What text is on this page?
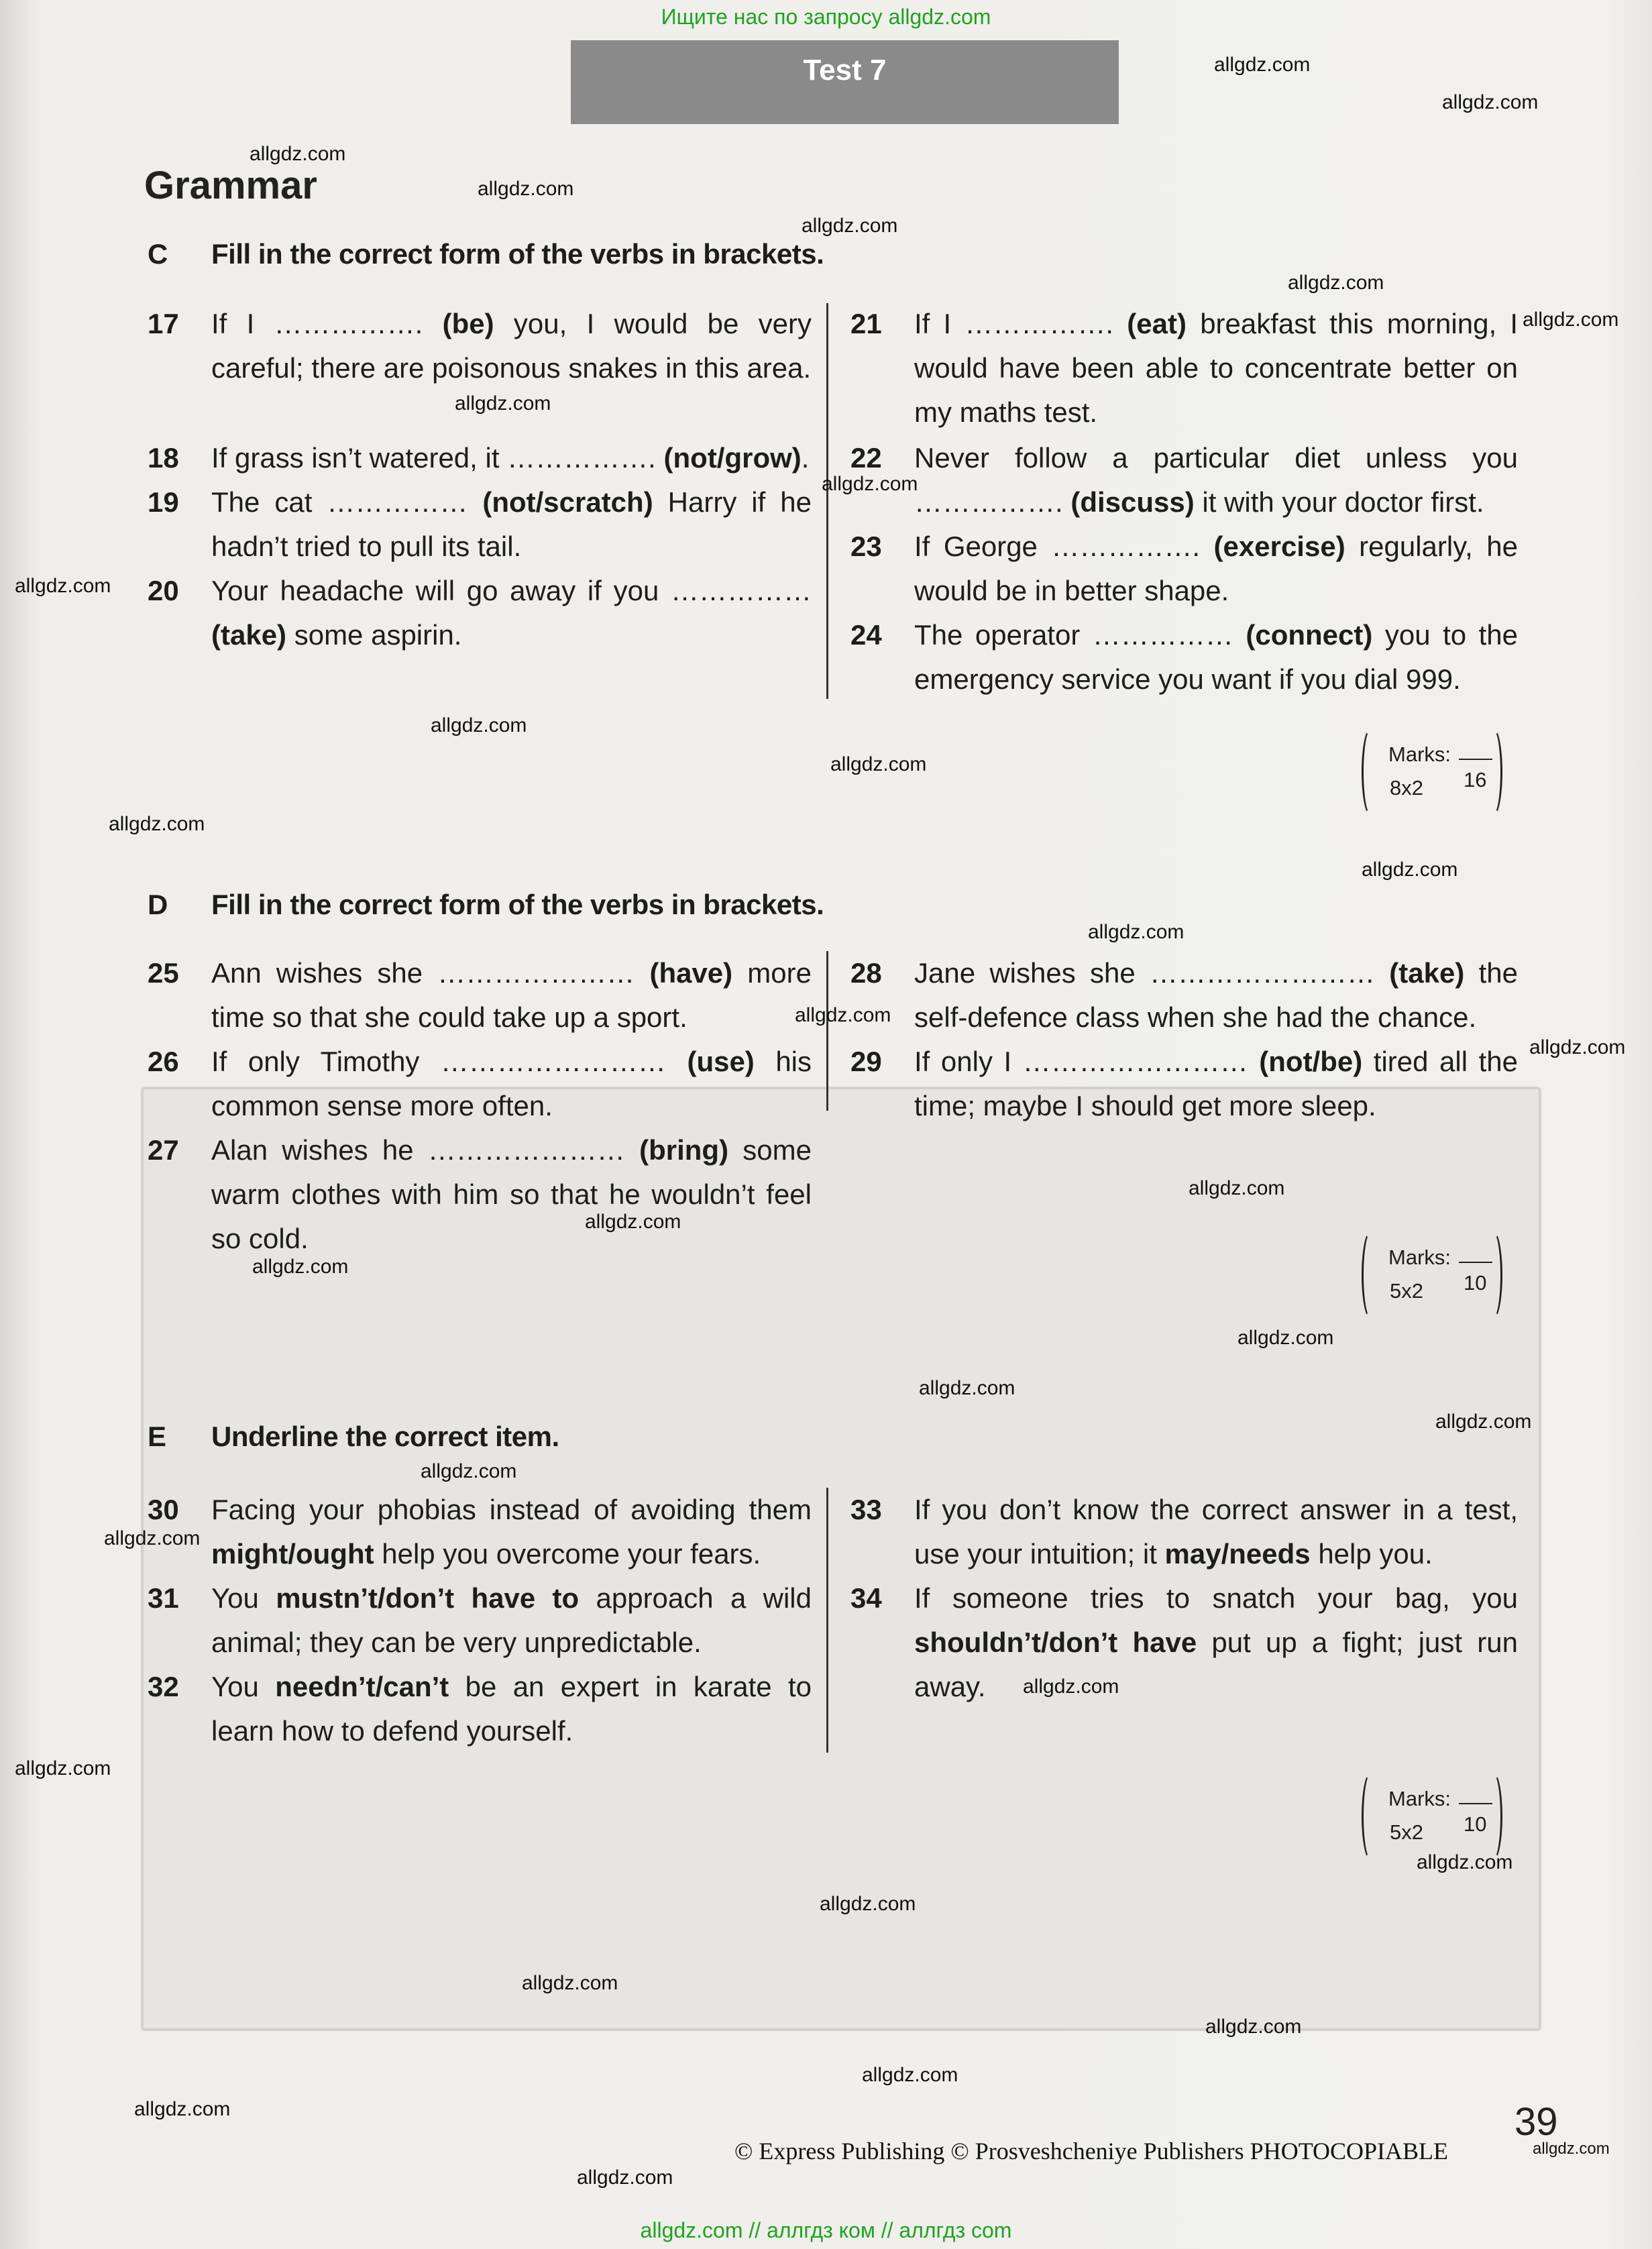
Ищите нас по запросу allgdz.com
Test 7
Grammar
C Fill in the correct form of the verbs in brackets.
17	If I ……………. (be) you, I would be very careful; there are poisonous snakes in this area.
18	If grass isn’t watered, it ……………. (not/grow).
19	The cat …………… (not/scratch) Harry if he hadn’t tried to pull its tail.
20	Your headache will go away if you …………… (take) some aspirin.
21	If I ……………. (eat) breakfast this morning, I would have been able to concentrate better on my maths test.
22	Never follow a particular diet unless you ……………. (discuss) it with your doctor first.
23	If George ……………. (exercise) regularly, he would be in better shape.
24	The operator …………… (connect) you to the emergency service you want if you dial 999.
Marks:
16
8x2
D Fill in the correct form of the verbs in brackets.
25	Ann wishes she ………………… (have) more time so that she could take up a sport.
26	If only Timothy …………………… (use) his common sense more often.
27	Alan wishes he ………………… (bring) some warm clothes with him so that he wouldn’t feel so cold.
28	Jane wishes she …………………… (take) the self-defence class when she had the chance.
29	If only I …………………… (not/be) tired all the time; maybe I should get more sleep.
Marks:
10
5x2
E Underline the correct item.
30	Facing your phobias instead of avoiding them might/ought help you overcome your fears.
31	You mustn’t/don’t have to approach a wild animal; they can be very unpredictable.
32	You needn’t/can’t be an expert in karate to learn how to defend yourself.
33	If you don’t know the correct answer in a test, use your intuition; it may/needs help you.
34	If someone tries to snatch your bag, you shouldn’t/don’t have put up a fight; just run away.
Marks:
10
5x2
allgdz.com
allgdz.com
allgdz.com
allgdz.com
allgdz.com
allgdz.com
allgdz.com
allgdz.com
allgdz.com
allgdz.com
allgdz.com
allgdz.com
allgdz.com
allgdz.com
allgdz.com
allgdz.com
allgdz.com
allgdz.com
allgdz.com
allgdz.com
allgdz.com
allgdz.com
allgdz.com
allgdz.com
allgdz.com
allgdz.com
allgdz.com
allgdz.com
allgdz.com
allgdz.com
allgdz.com
allgdz.com
allgdz.com
allgdz.com
allgdz.com
39
© Express Publishing © Prosveshcheniye Publishers PHOTOCOPIABLE
allgdz.com // аллгдз ком // аллгдз com
